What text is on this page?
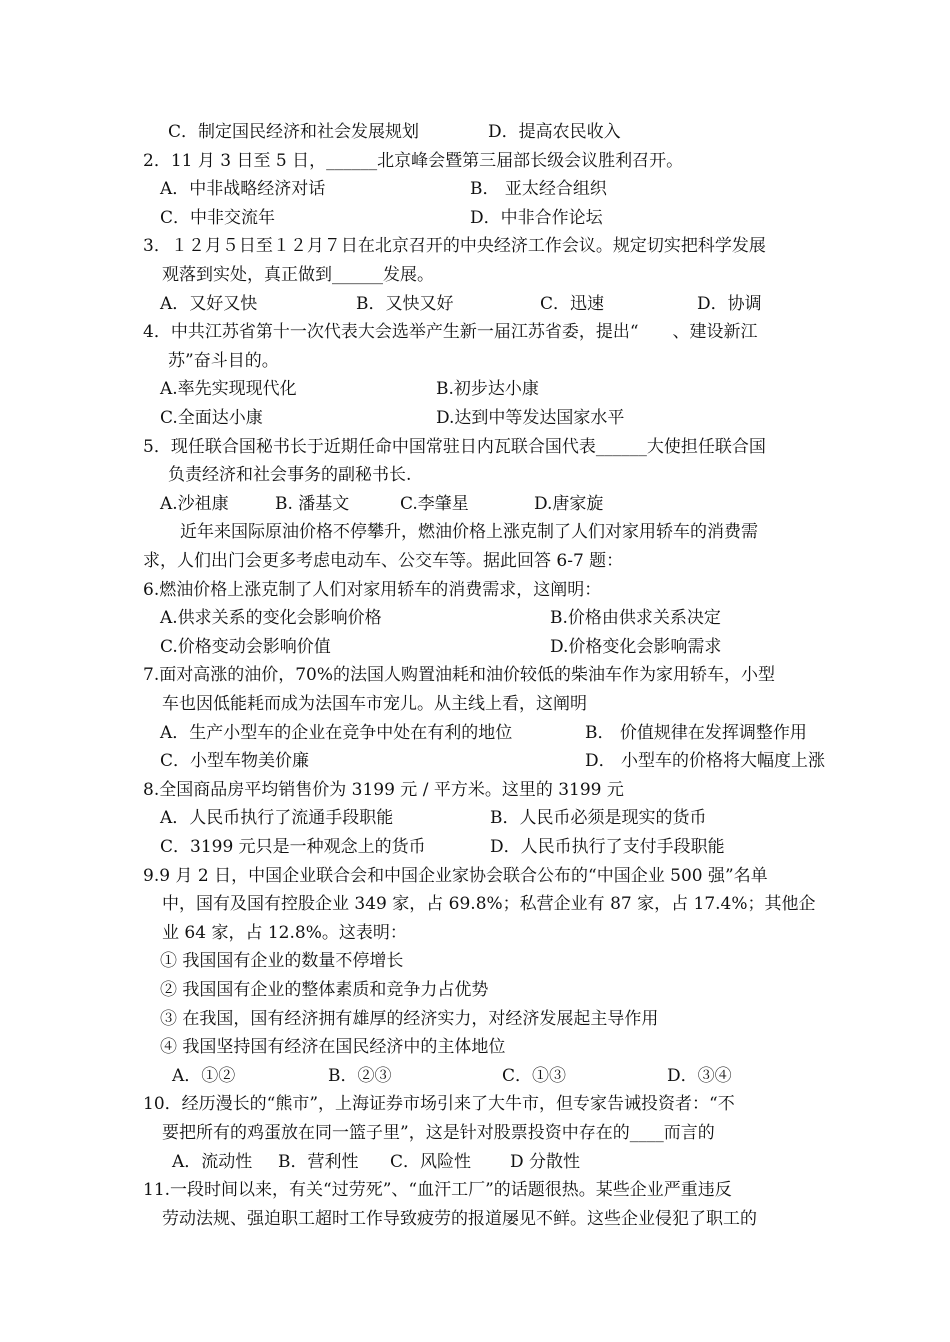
C．制定国民经济和社会发展规划	D．提高农民收入
2．11 月 3 日至 5 日，______北京峰会暨第三届部长级会议胜利召开。
A．中非战略经济对话	B． 亚太经合组织
C．中非交流年	D．中非合作论坛
3．１２月５日至１２月７日在北京召开的中央经济工作会议。规定切实把科学发展
观落到实处，真正做到______发展。
A．又好又快	B．又快又好	C．迅速	D．协调
4．中共江苏省第十一次代表大会选举产生新一届江苏省委，提出“　　、建设新江
苏”奋斗目的。
A.率先实现现代化	B.初步达小康
C.全面达小康	D.达到中等发达国家水平
5．现任联合国秘书长于近期任命中国常驻日内瓦联合国代表______大使担任联合国
负责经济和社会事务的副秘书长.
A.沙祖康	B. 潘基文	C.李肇星	D.唐家旋
近年来国际原油价格不停攀升，燃油价格上涨克制了人们对家用轿车的消费需
求，人们出门会更多考虑电动车、公交车等。据此回答 6-7 题：
6.燃油价格上涨克制了人们对家用轿车的消费需求，这阐明：
A.供求关系的变化会影响价格	B.价格由供求关系决定
C.价格变动会影响价值	D.价格变化会影响需求
7.面对高涨的油价，70%的法国人购置油耗和油价较低的柴油车作为家用轿车，小型
车也因低能耗而成为法国车市宠儿。从主线上看，这阐明
A．生产小型车的企业在竞争中处在有利的地位	B． 价值规律在发挥调整作用
C．小型车物美价廉	D． 小型车的价格将大幅度上涨
8.全国商品房平均销售价为 3199 元 / 平方米。这里的 3199 元
A．人民币执行了流通手段职能	B．人民币必须是现实的货币
C．3199 元只是一种观念上的货币	D．人民币执行了支付手段职能
9.9 月 2 日，中国企业联合会和中国企业家协会联合公布的“中国企业 500 强”名单
中，国有及国有控股企业 349 家，占 69.8%；私营企业有 87 家，占 17.4%；其他企
业 64 家，占 12.8%。这表明：
① 我国国有企业的数量不停增长
② 我国国有企业的整体素质和竞争力占优势
③ 在我国，国有经济拥有雄厚的经济实力，对经济发展起主导作用
④ 我国坚持国有经济在国民经济中的主体地位
A．①②	B．②③	C．①③	D．③④
10．经历漫长的“熊市”，上海证券市场引来了大牛市，但专家告诫投资者：“不
要把所有的鸡蛋放在同一篮子里”，这是针对股票投资中存在的____而言的
A．流动性 B．营利性 C．风险性 D 分散性
11.一段时间以来，有关“过劳死”、“血汗工厂”的话题很热。某些企业严重违反
劳动法规、强迫职工超时工作导致疲劳的报道屡见不鲜。这些企业侵犯了职工的
